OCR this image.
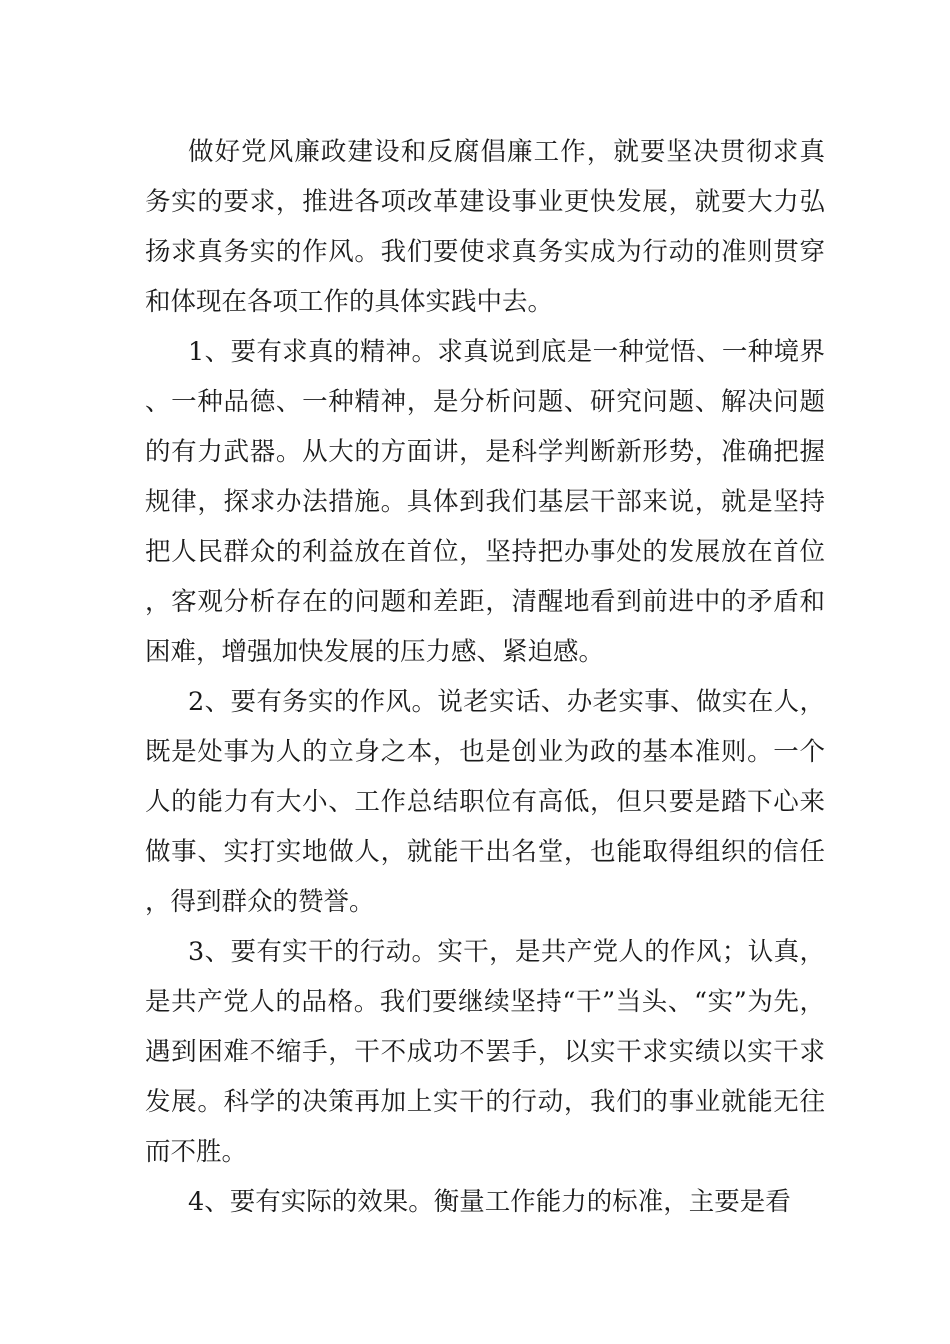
做好党风廉政建设和反腐倡廉工作，就要坚决贯彻求真务实的要求，推进各项改革建设事业更快发展，就要大力弘扬求真务实的作风。我们要使求真务实成为行动的准则贯穿和体现在各项工作的具体实践中去。

1、要有求真的精神。求真说到底是一种觉悟、一种境界、一种品德、一种精神，是分析问题、研究问题、解决问题的有力武器。从大的方面讲，是科学判断新形势，准确把握规律，探求办法措施。具体到我们基层干部来说，就是坚持把人民群众的利益放在首位，坚持把办事处的发展放在首位，客观分析存在的问题和差距，清醒地看到前进中的矛盾和困难，增强加快发展的压力感、紧迫感。

2、要有务实的作风。说老实话、办老实事、做实在人，既是处事为人的立身之本，也是创业为政的基本准则。一个人的能力有大小、工作总结职位有高低，但只要是踏下心来做事、实打实地做人，就能干出名堂，也能取得组织的信任，得到群众的赞誉。

3、要有实干的行动。实干，是共产党人的作风；认真，是共产党人的品格。我们要继续坚持“干”当头、“实”为先，遇到困难不缩手，干不成功不罢手，以实干求实绩以实干求发展。科学的决策再加上实干的行动，我们的事业就能无往而不胜。

4、要有实际的效果。衡量工作能力的标准，主要是看
